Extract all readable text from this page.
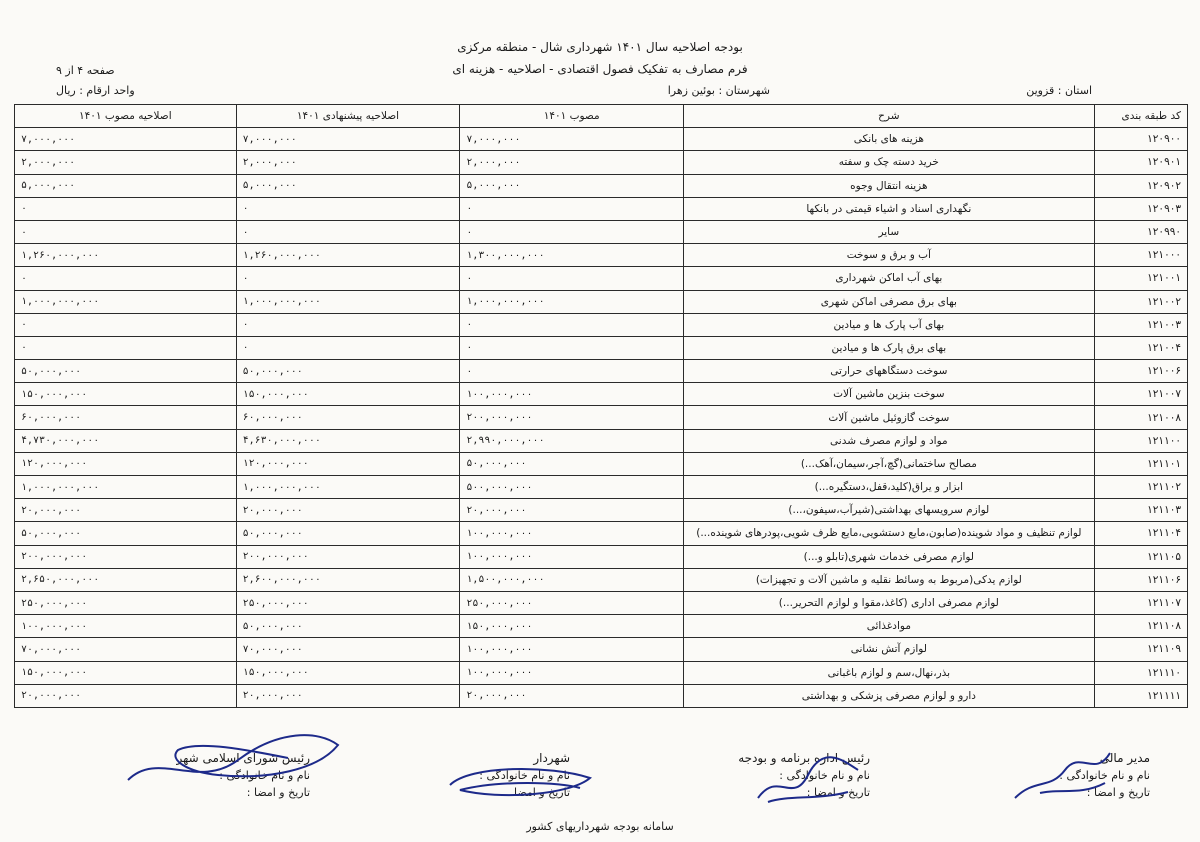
بودجه اصلاحیه سال ۱۴۰۱ شهرداری شال - منطقه مرکزی
فرم مصارف به تفکیک فصول اقتصادی - اصلاحیه - هزینه ای
صفحه ۴ از ۹
واحد ارقام : ریال	استان : قزوین
شهرستان : بوئین زهرا
کد طبقه بندی	شرح	مصوب ۱۴۰۱	اصلاحیه پیشنهادی ۱۴۰۱	اصلاحیه مصوب ۱۴۰۱
۱۲۰۹۰۰	هزینه های بانکی	۷,۰۰۰,۰۰۰	۷,۰۰۰,۰۰۰	۷,۰۰۰,۰۰۰
۱۲۰۹۰۱	خرید دسته چک و سفته	۲,۰۰۰,۰۰۰	۲,۰۰۰,۰۰۰	۲,۰۰۰,۰۰۰
۱۲۰۹۰۲	هزینه انتقال وجوه	۵,۰۰۰,۰۰۰	۵,۰۰۰,۰۰۰	۵,۰۰۰,۰۰۰
۱۲۰۹۰۳	نگهداری اسناد و اشیاء قیمتی در بانکها	۰	۰	۰
۱۲۰۹۹۰	سایر	۰	۰	۰
۱۲۱۰۰۰	آب و برق و سوخت	۱,۳۰۰,۰۰۰,۰۰۰	۱,۲۶۰,۰۰۰,۰۰۰	۱,۲۶۰,۰۰۰,۰۰۰
۱۲۱۰۰۱	بهای آب اماکن شهرداری	۰	۰	۰
۱۲۱۰۰۲	بهای برق مصرفی اماکن شهری	۱,۰۰۰,۰۰۰,۰۰۰	۱,۰۰۰,۰۰۰,۰۰۰	۱,۰۰۰,۰۰۰,۰۰۰
۱۲۱۰۰۳	بهای آب پارک ها و میادین	۰	۰	۰
۱۲۱۰۰۴	بهای برق پارک ها و میادین	۰	۰	۰
۱۲۱۰۰۶	سوخت دستگاههای حرارتی	۰	۵۰,۰۰۰,۰۰۰	۵۰,۰۰۰,۰۰۰
۱۲۱۰۰۷	سوخت بنزین ماشین آلات	۱۰۰,۰۰۰,۰۰۰	۱۵۰,۰۰۰,۰۰۰	۱۵۰,۰۰۰,۰۰۰
۱۲۱۰۰۸	سوخت گازوئیل ماشین آلات	۲۰۰,۰۰۰,۰۰۰	۶۰,۰۰۰,۰۰۰	۶۰,۰۰۰,۰۰۰
۱۲۱۱۰۰	مواد و لوازم مصرف شدنی	۲,۹۹۰,۰۰۰,۰۰۰	۴,۶۳۰,۰۰۰,۰۰۰	۴,۷۳۰,۰۰۰,۰۰۰
۱۲۱۱۰۱	مصالح ساختمانی(گچ،آجر،سیمان،آهک...)	۵۰,۰۰۰,۰۰۰	۱۲۰,۰۰۰,۰۰۰	۱۲۰,۰۰۰,۰۰۰
۱۲۱۱۰۲	ابزار و یراق(کلید،قفل،دستگیره...)	۵۰۰,۰۰۰,۰۰۰	۱,۰۰۰,۰۰۰,۰۰۰	۱,۰۰۰,۰۰۰,۰۰۰
۱۲۱۱۰۳	لوازم سرویسهای بهداشتی(شیرآب،سیفون،...)	۲۰,۰۰۰,۰۰۰	۲۰,۰۰۰,۰۰۰	۲۰,۰۰۰,۰۰۰
۱۲۱۱۰۴	لوازم تنظیف و مواد شوینده(صابون،مایع دستشویی،مایع ظرف شویی،پودرهای شوینده...)	۱۰۰,۰۰۰,۰۰۰	۵۰,۰۰۰,۰۰۰	۵۰,۰۰۰,۰۰۰
۱۲۱۱۰۵	لوازم مصرفی خدمات شهری(تابلو و...)	۱۰۰,۰۰۰,۰۰۰	۲۰۰,۰۰۰,۰۰۰	۲۰۰,۰۰۰,۰۰۰
۱۲۱۱۰۶	لوازم یدکی(مربوط به وسائط نقلیه و ماشین آلات و تجهیزات)	۱,۵۰۰,۰۰۰,۰۰۰	۲,۶۰۰,۰۰۰,۰۰۰	۲,۶۵۰,۰۰۰,۰۰۰
۱۲۱۱۰۷	لوازم مصرفی اداری (کاغذ،مقوا و لوازم التحریر...)	۲۵۰,۰۰۰,۰۰۰	۲۵۰,۰۰۰,۰۰۰	۲۵۰,۰۰۰,۰۰۰
۱۲۱۱۰۸	موادغذائی	۱۵۰,۰۰۰,۰۰۰	۵۰,۰۰۰,۰۰۰	۱۰۰,۰۰۰,۰۰۰
۱۲۱۱۰۹	لوازم آتش نشانی	۱۰۰,۰۰۰,۰۰۰	۷۰,۰۰۰,۰۰۰	۷۰,۰۰۰,۰۰۰
۱۲۱۱۱۰	بذر،نهال،سم و لوازم باغبانی	۱۰۰,۰۰۰,۰۰۰	۱۵۰,۰۰۰,۰۰۰	۱۵۰,۰۰۰,۰۰۰
۱۲۱۱۱۱	دارو و لوازم مصرفی پزشکی و بهداشتی	۲۰,۰۰۰,۰۰۰	۲۰,۰۰۰,۰۰۰	۲۰,۰۰۰,۰۰۰
مدیر مالی
نام و نام خانوادگی :
تاریخ و امضا :
رئیس اداره برنامه و بودجه
نام و نام خانوادگی :
تاریخ و امضا :
شهردار
نام و نام خانوادگی :
تاریخ و امضا
رئیس شورای اسلامی شهر
نام و نام خانوادگی :
تاریخ و امضا :
سامانه بودجه شهرداریهای کشور
